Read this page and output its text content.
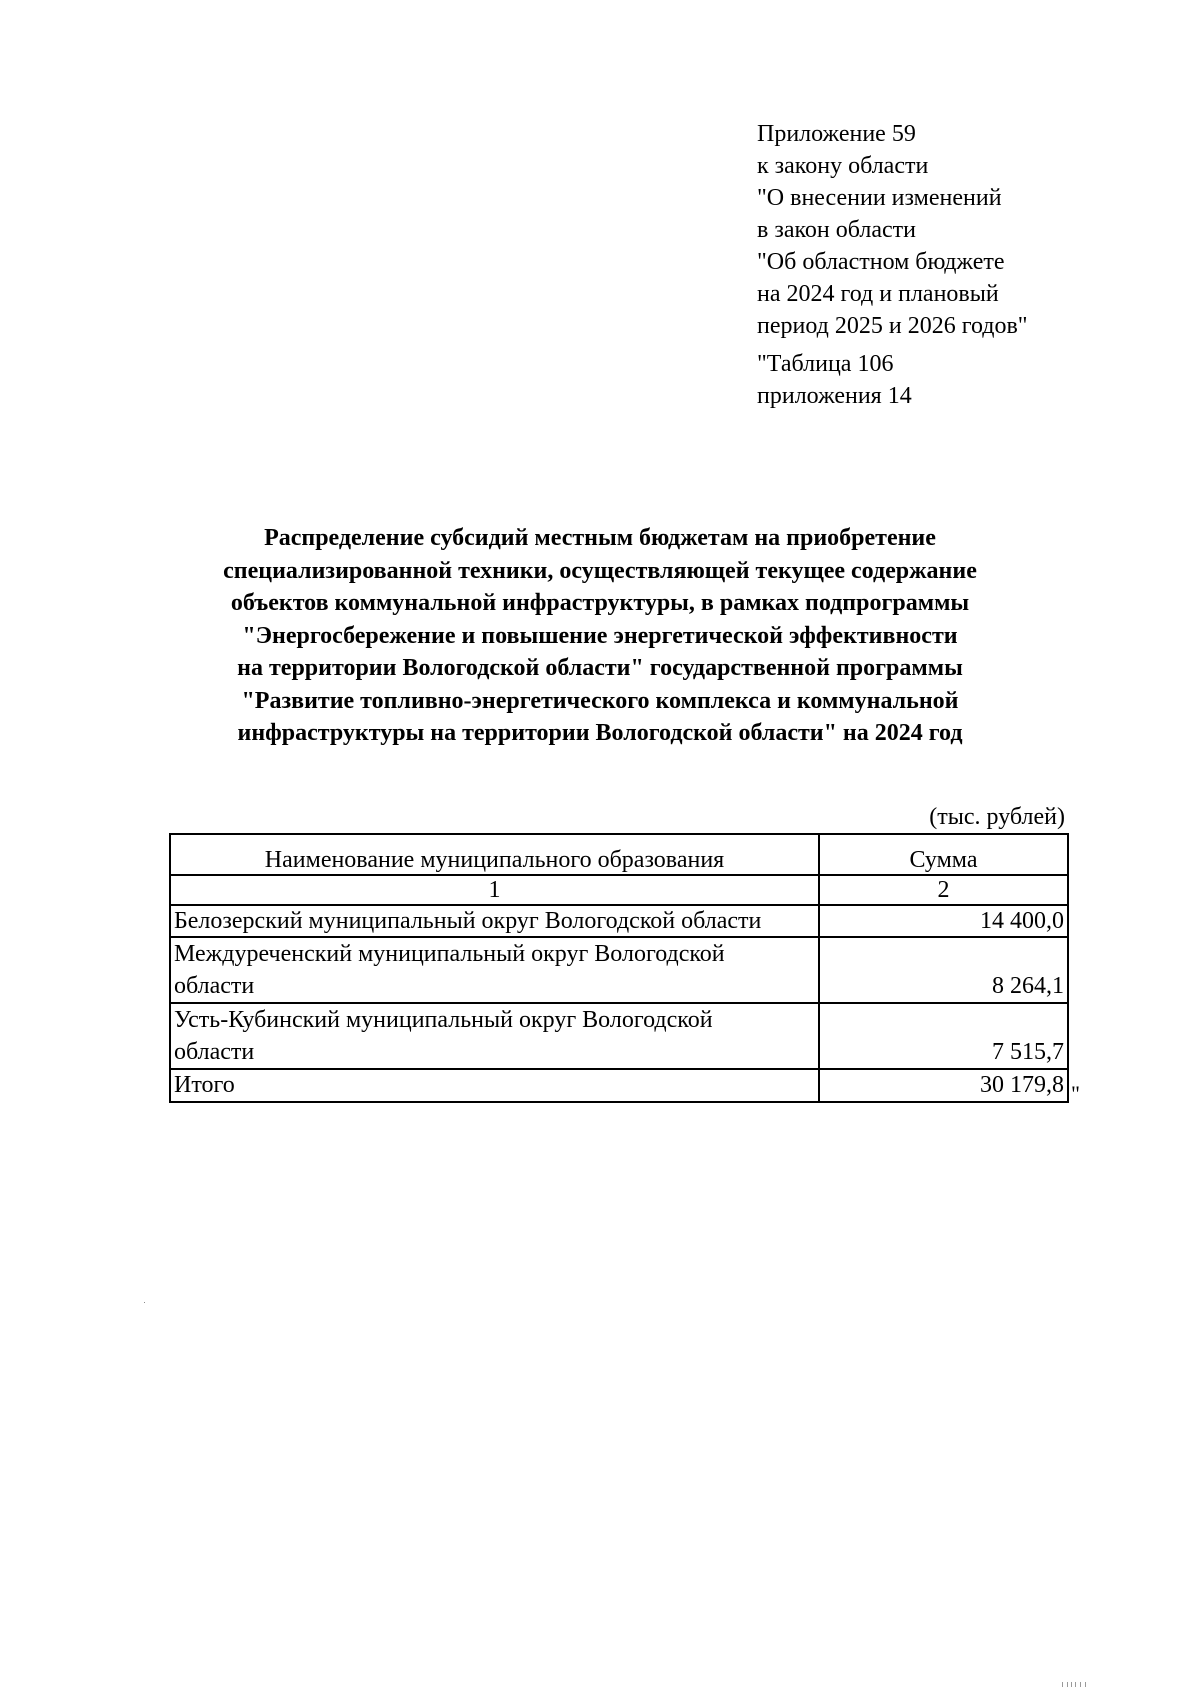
Приложение 59
к закону области
"О внесении изменений
в закон области
"Об областном бюджете
на 2024 год и плановый
период 2025 и 2026 годов"
"Таблица 106
приложения 14
Распределение субсидий местным бюджетам на приобретение
специализированной техники, осуществляющей текущее содержание
объектов коммунальной инфраструктуры, в рамках подпрограммы
"Энергосбережение и повышение энергетической эффективности
на территории Вологодской области" государственной программы
"Развитие топливно-энергетического комплекса и коммунальной
инфраструктуры на территории Вологодской области" на 2024 год
(тыс. рублей)
Наименование муниципального образования	Сумма
1	2
Белозерский муниципальный округ Вологодской области	14 400,0

Междуреченский муниципальный округ Вологодской
области	8 264,1

Усть-Кубинский муниципальный округ Вологодской
области	7 515,7
Итого	30 179,8 "
